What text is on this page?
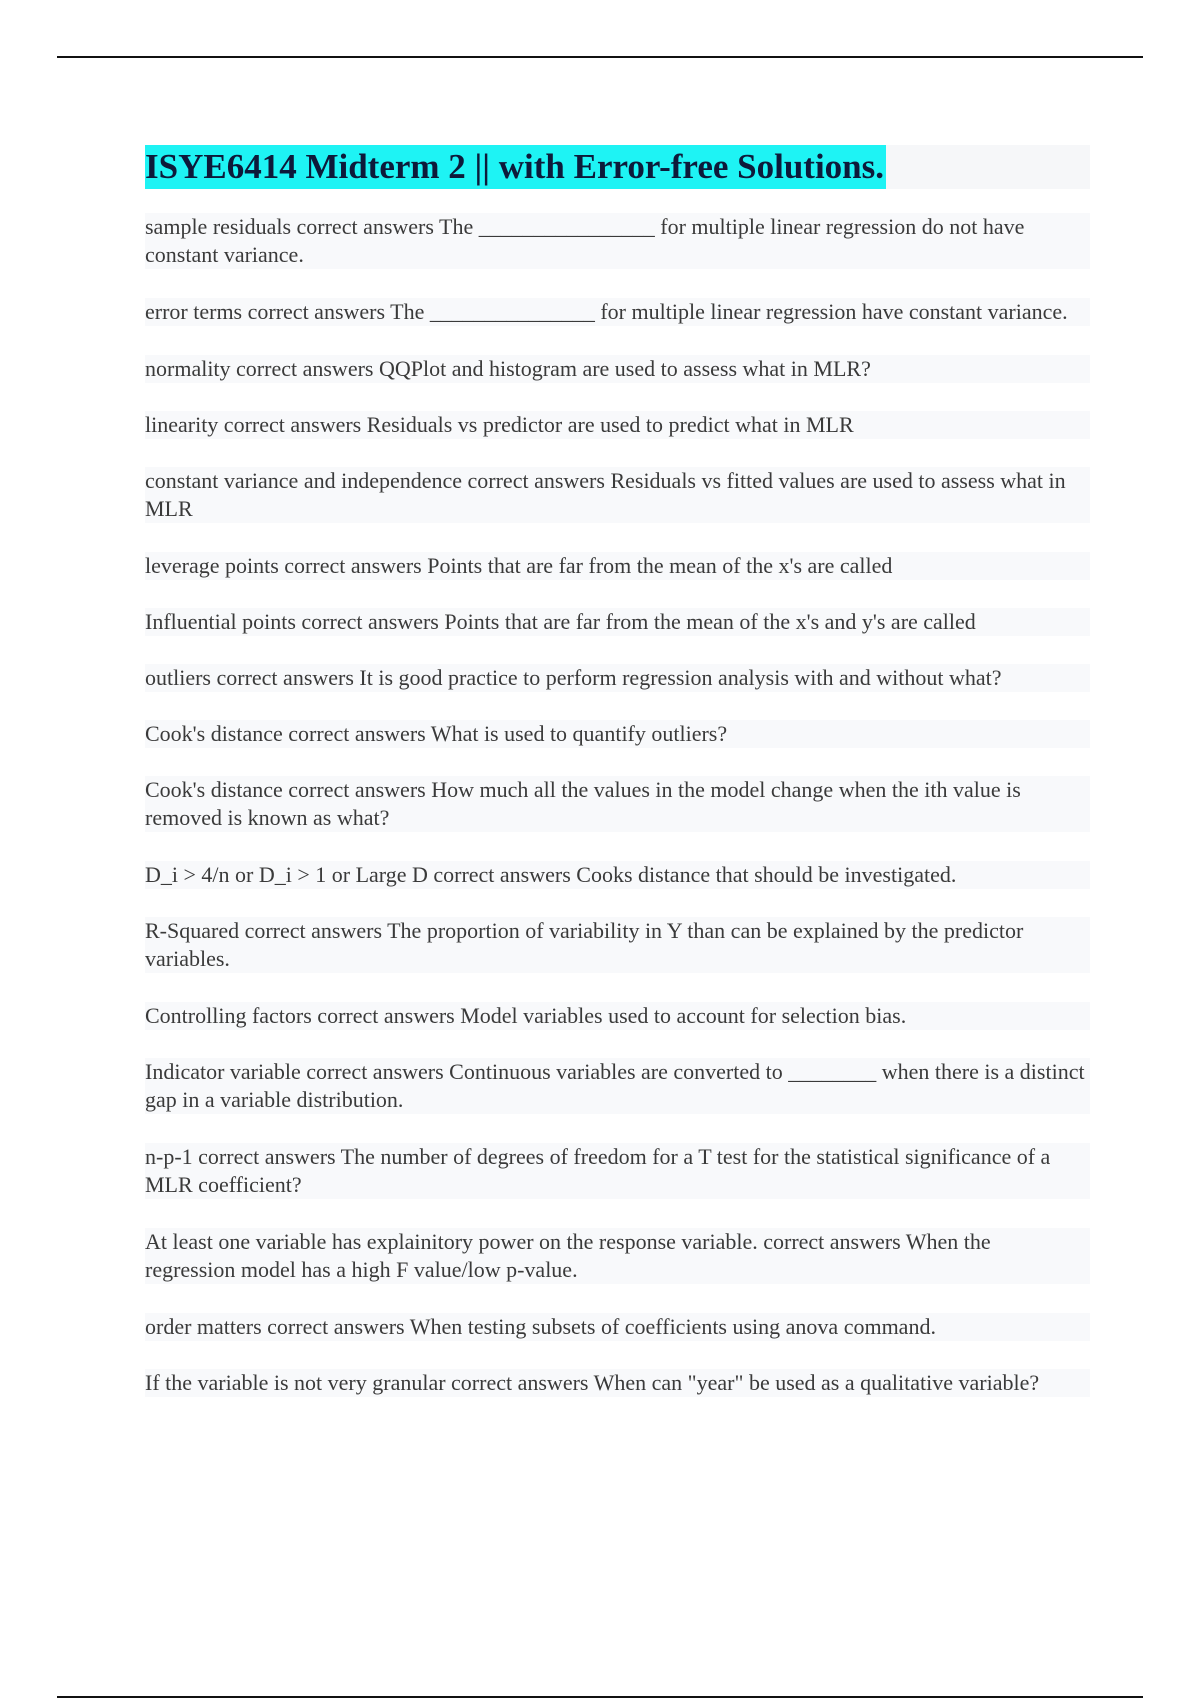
ISYE6414 Midterm 2 || with Error-free Solutions.

sample residuals correct answers The ________________ for multiple linear regression do not have constant variance.

error terms correct answers The _______________ for multiple linear regression have constant variance.

normality correct answers QQPlot and histogram are used to assess what in MLR?

linearity correct answers Residuals vs predictor are used to predict what in MLR

constant variance and independence correct answers Residuals vs fitted values are used to assess what in MLR

leverage points correct answers Points that are far from the mean of the x's are called

Influential points correct answers Points that are far from the mean of the x's and y's are called

outliers correct answers It is good practice to perform regression analysis with and without what?

Cook's distance correct answers What is used to quantify outliers?

Cook's distance correct answers How much all the values in the model change when the ith value is removed is known as what?

D_i > 4/n or D_i > 1 or Large D correct answers Cooks distance that should be investigated.

R-Squared correct answers The proportion of variability in Y than can be explained by the predictor variables.

Controlling factors correct answers Model variables used to account for selection bias.

Indicator variable correct answers Continuous variables are converted to ________ when there is a distinct gap in a variable distribution.

n-p-1 correct answers The number of degrees of freedom for a T test for the statistical significance of a MLR coefficient?

At least one variable has explainitory power on the response variable. correct answers When the regression model has a high F value/low p-value.

order matters correct answers When testing subsets of coefficients using anova command.

If the variable is not very granular correct answers When can "year" be used as a qualitative variable?
